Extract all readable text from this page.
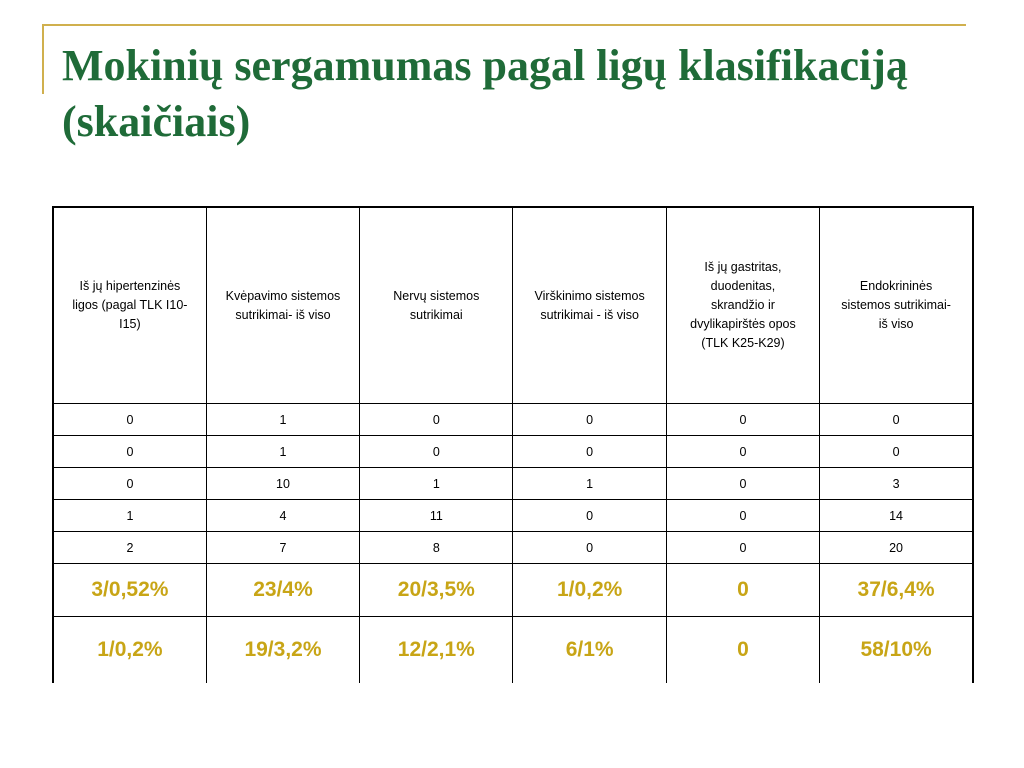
Mokinių sergamumas pagal ligų klasifikaciją (skaičiais)
Iš jų hipertenzinės ligos (pagal TLK I10-I15)	Kvėpavimo sistemos sutrikimai- iš viso	Nervų sistemos sutrikimai	Virškinimo sistemos sutrikimai - iš viso	Iš jų gastritas, duodenitas, skrandžio ir dvylikapirštės opos (TLK K25-K29)	Endokrininės sistemos sutrikimai- iš viso
0	1	0	0	0	0
0	1	0	0	0	0
0	10	1	1	0	3
1	4	11	0	0	14
2	7	8	0	0	20
3/0,52%	23/4%	20/3,5%	1/0,2%	0	37/6,4%
1/0,2%	19/3,2%	12/2,1%	6/1%	0	58/10%
